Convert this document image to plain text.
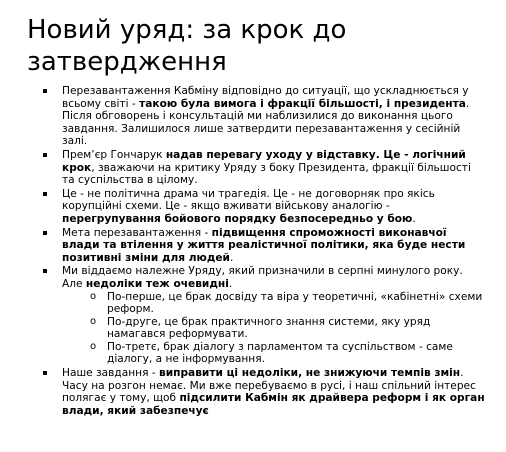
Новий уряд: за крок до затвердження
Перезавантаження Кабміну відповідно до ситуації, що ускладнюється у всьому світі - такою була вимога і фракції більшості, і президента. Після обговорень і консультацій ми наблизилися до виконання цього завдання. Залишилося лише затвердити перезавантаження у сесійній залі.
Прем’єр Гончарук надав перевагу уходу у відставку. Це - логічний крок, зважаючи на критику Уряду з боку Президента, фракції більшості та суспільства в цілому.
Це - не політична драма чи трагедія. Це - не договорняк про якісь корупційні схеми. Це - якщо вживати військову аналогію - перегрупування бойового порядку безпосередньо у бою.
Мета перезавантаження - підвищення спроможності виконавчої влади та втілення у життя реалістичної політики, яка буде нести позитивні зміни для людей.
Ми віддаємо належне Уряду, який призначили в серпні минулого року. Але недоліки теж очевидні.
o По-перше, це брак досвіду та віра у теоретичні, «кабінетні» схеми реформ.
o По-друге, це брак практичного знання системи, яку уряд намагався реформувати.
o По-третє, брак діалогу з парламентом та суспільством - саме діалогу, а не інформування.
Наше завдання - виправити ці недоліки, не знижуючи темпів змін. Часу на розгон немає. Ми вже перебуваємо в русі, і наш спільний інтерес полягає у тому, щоб підсилити Кабмін як драйвера реформ і як орган влади, який забезпечує
